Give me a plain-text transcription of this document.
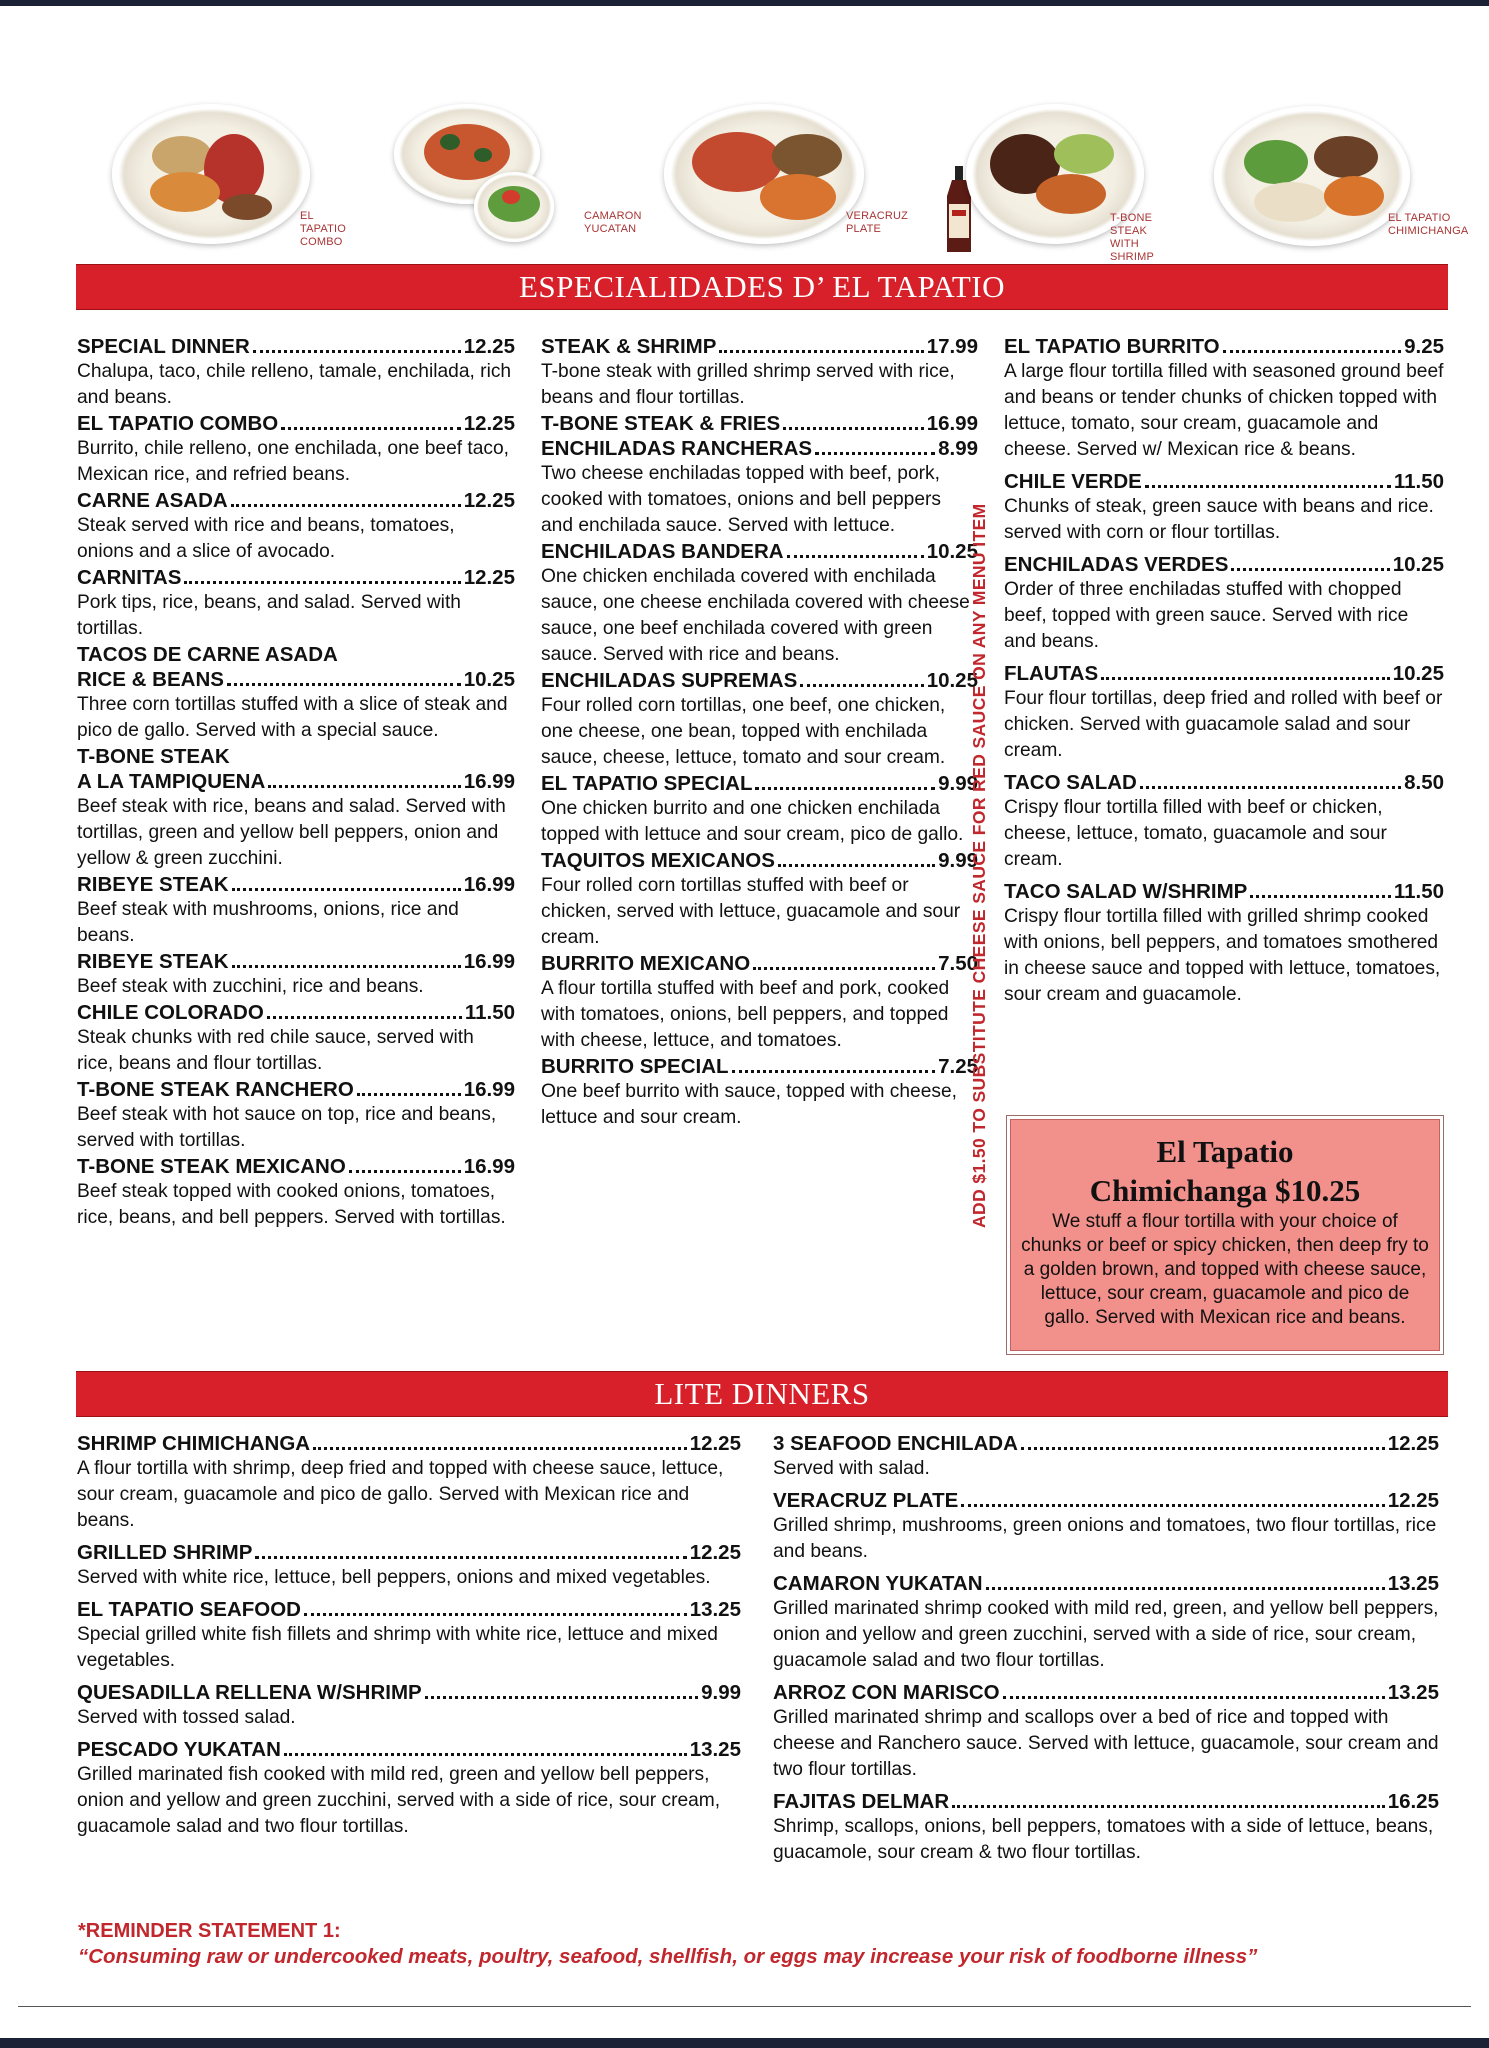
EL TAPATIO
COMBO
CAMARON
YUCATAN
VERACRUZ
PLATE
T-BONE STEAK
WITH SHRIMP
EL TAPATIO
CHIMICHANGA
ESPECIALIDADES D’ EL TAPATIO
SPECIAL DINNER	12.25
Chalupa, taco, chile relleno, tamale, enchilada, rich and beans.
EL TAPATIO COMBO	12.25
Burrito, chile relleno, one enchilada, one beef taco, Mexican rice, and refried beans.
CARNE ASADA	12.25
Steak served with rice and beans, tomatoes, onions and a slice of avocado.
CARNITAS	12.25
Pork tips, rice, beans, and salad. Served with tortillas.
TACOS DE CARNE ASADA
RICE & BEANS	10.25
Three corn tortillas stuffed with a slice of steak and pico de gallo. Served with a special sauce.
T-BONE STEAK
A LA TAMPIQUENA	16.99
Beef steak with rice, beans and salad. Served with tortillas, green and yellow bell peppers, onion and yellow & green zucchini.
RIBEYE STEAK	16.99
Beef steak with mushrooms, onions, rice and beans.
RIBEYE STEAK	16.99
Beef steak with zucchini, rice and beans.
CHILE COLORADO	11.50
Steak chunks with red chile sauce, served with rice, beans and flour tortillas.
T-BONE STEAK RANCHERO	16.99
Beef steak with hot sauce on top, rice and beans, served with tortillas.
T-BONE STEAK MEXICANO	16.99
Beef steak topped with cooked onions, tomatoes, rice, beans, and bell peppers. Served with tortillas.
STEAK & SHRIMP	17.99
T-bone steak with grilled shrimp served with rice, beans and flour tortillas.
T-BONE STEAK & FRIES	16.99
ENCHILADAS RANCHERAS	8.99
Two cheese enchiladas topped with beef, pork, cooked with tomatoes, onions and bell peppers and enchilada sauce. Served with lettuce.
ENCHILADAS BANDERA	10.25
One chicken enchilada covered with enchilada sauce, one cheese enchilada covered with cheese sauce, one beef enchilada covered with green sauce. Served with rice and beans.
ENCHILADAS SUPREMAS	10.25
Four rolled corn tortillas, one beef, one chicken, one cheese, one bean, topped with enchilada sauce, cheese, lettuce, tomato and sour cream.
EL TAPATIO SPECIAL	9.99
One chicken burrito and one chicken enchilada topped with lettuce and sour cream, pico de gallo.
TAQUITOS MEXICANOS	9.99
Four rolled corn tortillas stuffed with beef or chicken, served with lettuce, guacamole and sour cream.
BURRITO MEXICANO	7.50
A flour tortilla stuffed with beef and pork, cooked with tomatoes, onions, bell peppers, and topped with cheese, lettuce, and tomatoes.
BURRITO SPECIAL	7.25
One beef burrito with sauce, topped with cheese, lettuce and sour cream.
EL TAPATIO BURRITO	9.25
A large flour tortilla filled with seasoned ground beef and beans or tender chunks of chicken topped with lettuce, tomato, sour cream, guacamole and cheese. Served w/ Mexican rice & beans.
CHILE VERDE	11.50
Chunks of steak, green sauce with beans and rice. served with corn or flour tortillas.
ENCHILADAS VERDES	10.25
Order of three enchiladas stuffed with chopped beef, topped with green sauce. Served with rice and beans.
FLAUTAS	10.25
Four flour tortillas, deep fried and rolled with beef or chicken. Served with guacamole salad and sour cream.
TACO SALAD	8.50
Crispy flour tortilla filled with beef or chicken, cheese, lettuce, tomato, guacamole and sour cream.
TACO SALAD W/SHRIMP	11.50
Crispy flour tortilla filled with grilled shrimp cooked with onions, bell peppers, and tomatoes smothered in cheese sauce and topped with lettuce, tomatoes, sour cream and guacamole.
ADD $1.50 TO SUBSTITUTE CHEESE SAUCE FOR RED SAUCE ON ANY MENU ITEM	El Tapatio
Chimichanga $10.25
We stuff a flour tortilla with your choice of chunks or beef or spicy chicken, then deep fry to a golden brown, and topped with cheese sauce, lettuce, sour cream, guacamole and pico de gallo. Served with Mexican rice and beans.
LITE DINNERS
SHRIMP CHIMICHANGA	12.25
A flour tortilla with shrimp, deep fried and topped with cheese sauce, lettuce, sour cream, guacamole and pico de gallo. Served with Mexican rice and beans.
GRILLED SHRIMP	12.25
Served with white rice, lettuce, bell peppers, onions and mixed vegetables.
EL TAPATIO SEAFOOD	13.25
Special grilled white fish fillets and shrimp with white rice, lettuce and mixed vegetables.
QUESADILLA RELLENA W/SHRIMP	9.99
Served with tossed salad.
PESCADO YUKATAN	13.25
Grilled marinated fish cooked with mild red, green and yellow bell peppers, onion and yellow and green zucchini, served with a side of rice, sour cream, guacamole salad and two flour tortillas.
3 SEAFOOD ENCHILADA	12.25
Served with salad.
VERACRUZ PLATE	12.25
Grilled shrimp, mushrooms, green onions and tomatoes, two flour tortillas, rice and beans.
CAMARON YUKATAN	13.25
Grilled marinated shrimp cooked with mild red, green, and yellow bell peppers, onion and yellow and green zucchini, served with a side of rice, sour cream, guacamole salad and two flour tortillas.
ARROZ CON MARISCO	13.25
Grilled marinated shrimp and scallops over a bed of rice and topped with cheese and Ranchero sauce. Served with lettuce, guacamole, sour cream and two flour tortillas.
FAJITAS DELMAR	16.25
Shrimp, scallops, onions, bell peppers, tomatoes with a side of lettuce, beans, guacamole, sour cream & two flour tortillas.
*REMINDER STATEMENT 1:
“Consuming raw or undercooked meats, poultry, seafood, shellfish, or eggs may increase your risk of foodborne illness”
